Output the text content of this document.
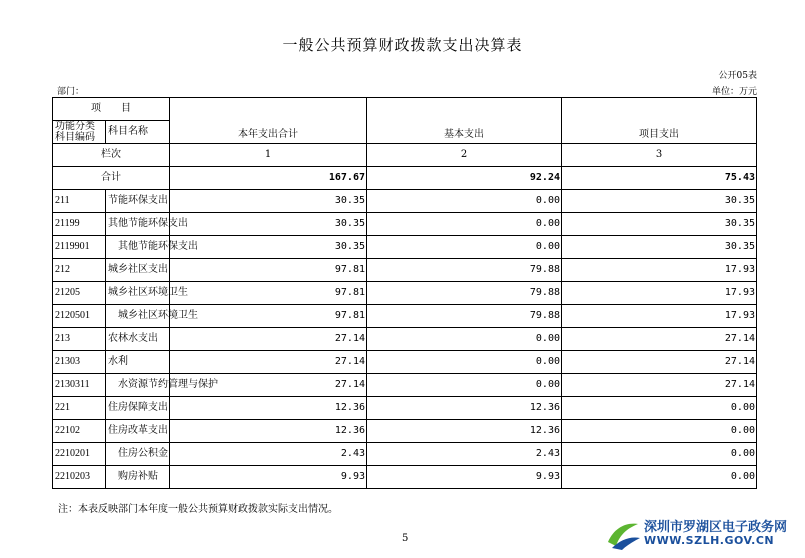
一般公共预算财政拨款支出决算表
公开05表
单位：万元
部门：
项　　目		本年支出合计	基本支出	项目支出
功能分类科目编码	科目名称			
栏次		1	2	3
合计		167.67	92.24	75.43
211	节能环保支出	30.35	0.00	30.35
21199	其他节能环保支出	30.35	0.00	30.35
2119901	其他节能环保支出	30.35	0.00	30.35
212	城乡社区支出	97.81	79.88	17.93
21205	城乡社区环境卫生	97.81	79.88	17.93
2120501	城乡社区环境卫生	97.81	79.88	17.93
213	农林水支出	27.14	0.00	27.14
21303	水利	27.14	0.00	27.14
2130311	水资源节约管理与保护	27.14	0.00	27.14
221	住房保障支出	12.36	12.36	0.00
22102	住房改革支出	12.36	12.36	0.00
2210201	住房公积金	2.43	2.43	0.00
2210203	购房补贴	9.93	9.93	0.00
注：本表反映部门本年度一般公共预算财政拨款实际支出情况。
5
深圳市罗湖区电子政务网
WWW.SZLH.GOV.CN
